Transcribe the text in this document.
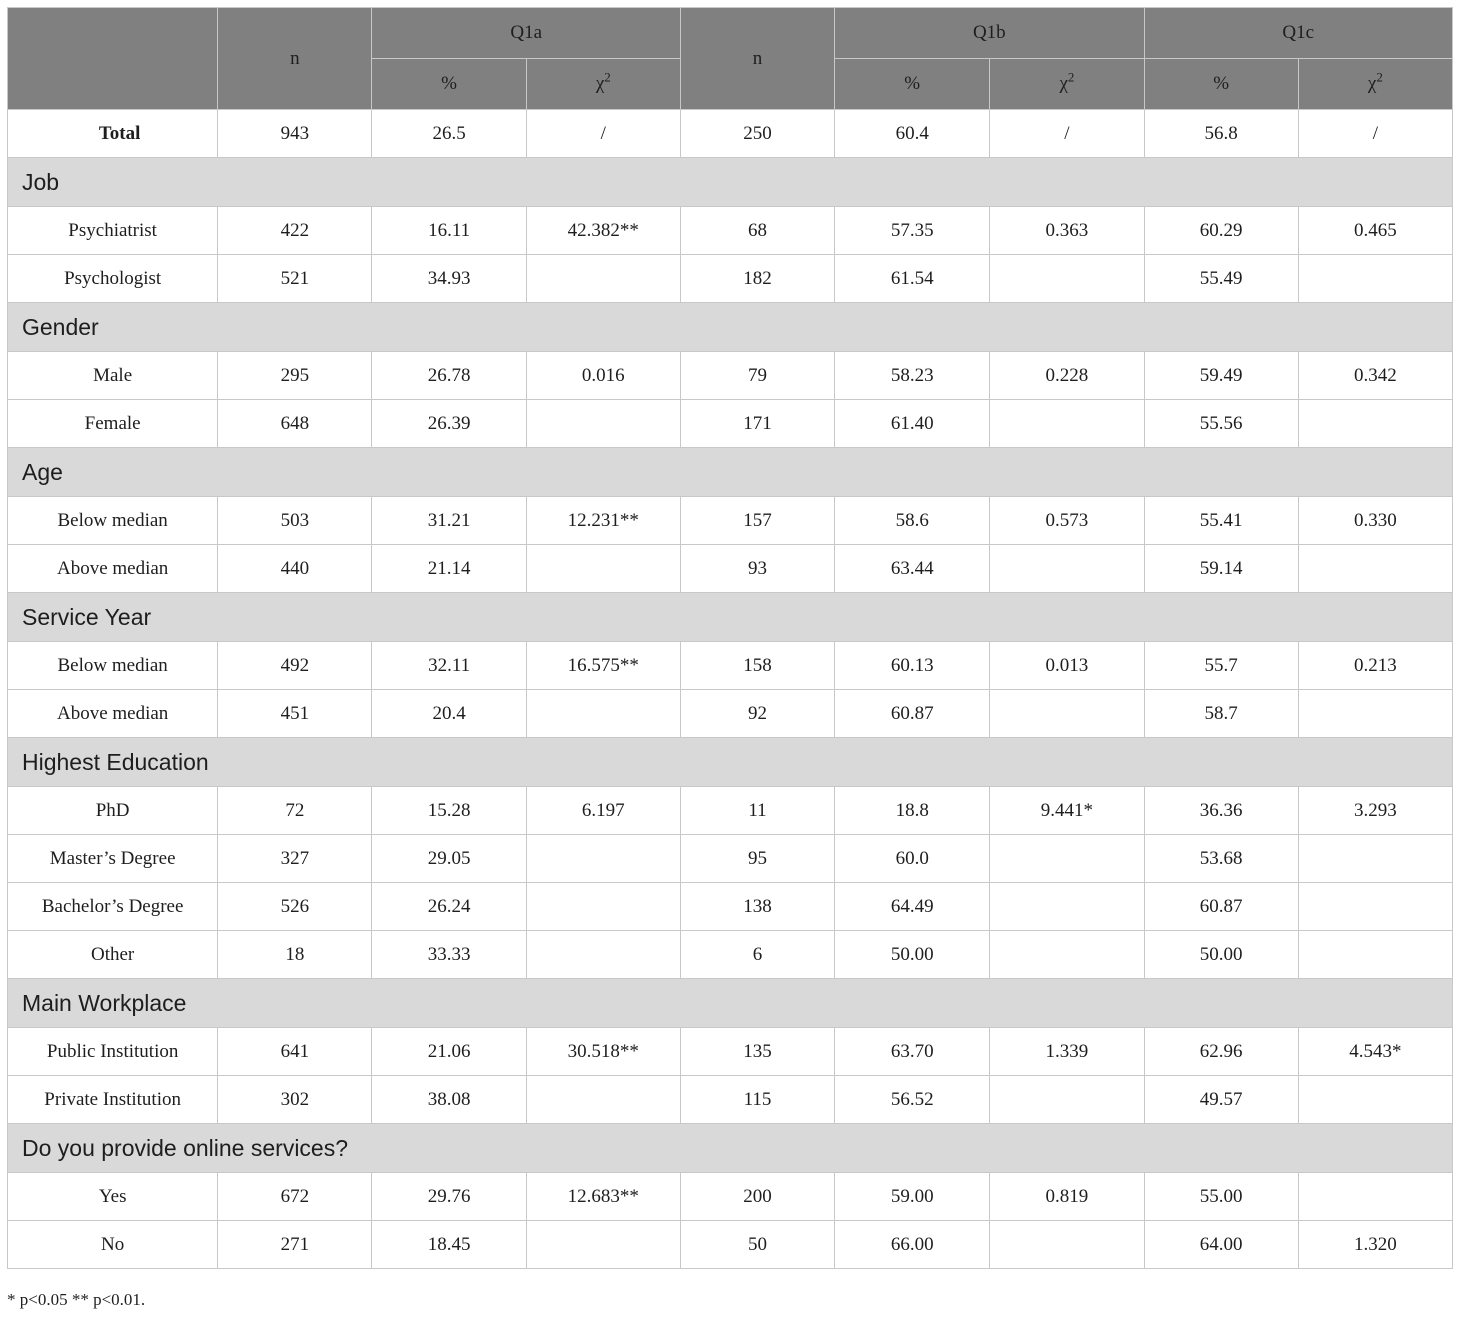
	n	Q1a		n	Q1b		Q1c	
		%	$\chi^2$		%	$\chi^2$	%	$\chi^2$
Total	943	26.5	/	250	60.4	/	56.8	/
Job								
Psychiatrist	422	16.11	42.382**	68	57.35	0.363	60.29	0.465
Psychologist	521	34.93		182	61.54		55.49	
Gender								
Male	295	26.78	0.016	79	58.23	0.228	59.49	0.342
Female	648	26.39		171	61.40		55.56	
Age								
Below median	503	31.21	12.231**	157	58.6	0.573	55.41	0.330
Above median	440	21.14		93	63.44		59.14	
Service Year								
Below median	492	32.11	16.575**	158	60.13	0.013	55.7	0.213
Above median	451	20.4		92	60.87		58.7	
Highest Education								
PhD	72	15.28	6.197	11	18.8	9.441*	36.36	3.293
Master’s Degree	327	29.05		95	60.0		53.68	
Bachelor’s Degree	526	26.24		138	64.49		60.87	
Other	18	33.33		6	50.00		50.00	
Main Workplace								
Public Institution	641	21.06	30.518**	135	63.70	1.339	62.96	4.543*
Private Institution	302	38.08		115	56.52		49.57	
Do you provide online services?								
Yes	672	29.76	12.683**	200	59.00	0.819	55.00	
No	271	18.45		50	66.00		64.00	1.320
* p<0.05 ** p<0.01.
